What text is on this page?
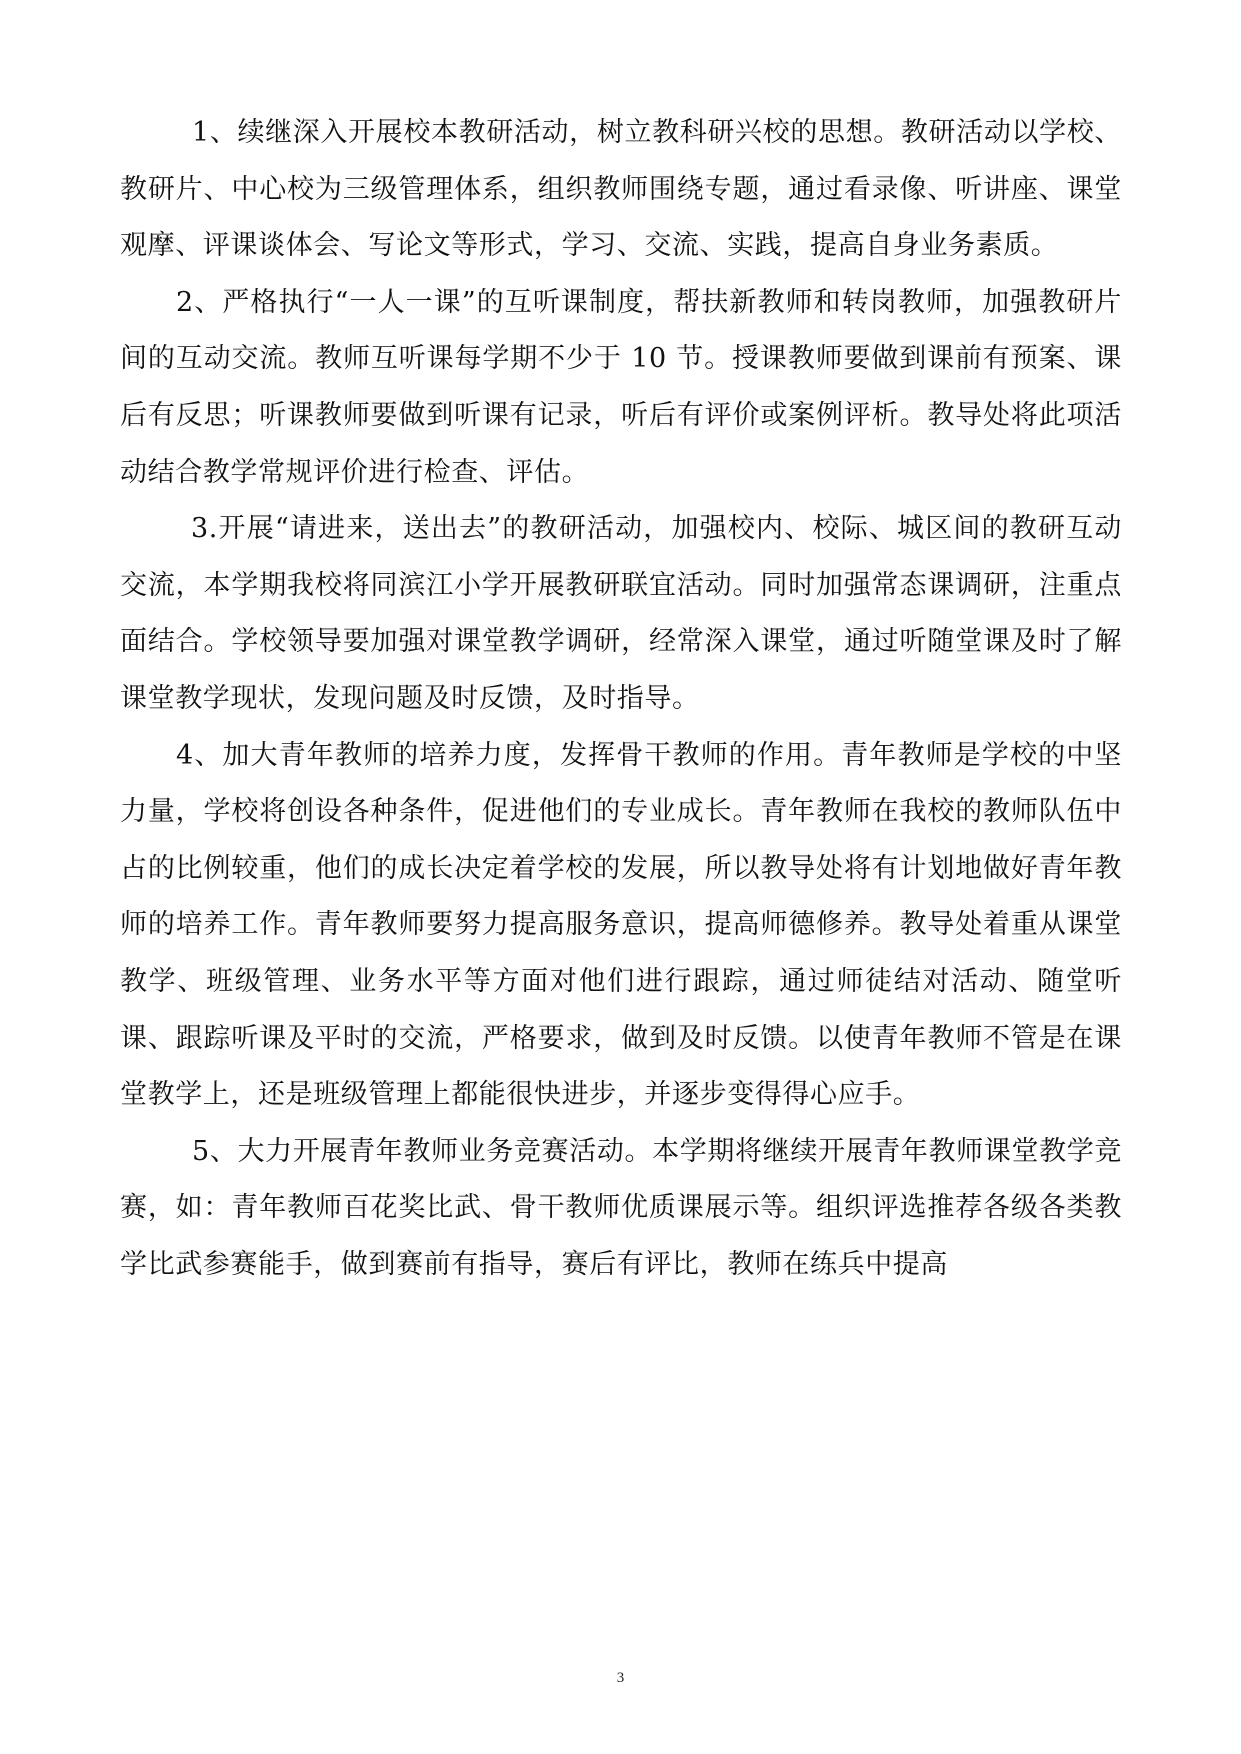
1、续继深入开展校本教研活动，树立教科研兴校的思想。教研活动以学校、教研片、中心校为三级管理体系，组织教师围绕专题，通过看录像、听讲座、课堂观摩、评课谈体会、写论文等形式，学习、交流、实践，提高自身业务素质。

2、严格执行“一人一课”的互听课制度，帮扶新教师和转岗教师，加强教研片间的互动交流。教师互听课每学期不少于 10 节。授课教师要做到课前有预案、课后有反思；听课教师要做到听课有记录，听后有评价或案例评析。教导处将此项活动结合教学常规评价进行检查、评估。

3.开展“请进来，送出去”的教研活动，加强校内、校际、城区间的教研互动交流，本学期我校将同滨江小学开展教研联宜活动。同时加强常态课调研，注重点面结合。学校领导要加强对课堂教学调研，经常深入课堂，通过听随堂课及时了解课堂教学现状，发现问题及时反馈，及时指导。

4、加大青年教师的培养力度，发挥骨干教师的作用。青年教师是学校的中坚力量，学校将创设各种条件，促进他们的专业成长。青年教师在我校的教师队伍中占的比例较重，他们的成长决定着学校的发展，所以教导处将有计划地做好青年教师的培养工作。青年教师要努力提高服务意识，提高师德修养。教导处着重从课堂教学、班级管理、业务水平等方面对他们进行跟踪，通过师徒结对活动、随堂听课、跟踪听课及平时的交流，严格要求，做到及时反馈。以使青年教师不管是在课堂教学上，还是班级管理上都能很快进步，并逐步变得得心应手。

5、大力开展青年教师业务竞赛活动。本学期将继续开展青年教师课堂教学竞赛，如：青年教师百花奖比武、骨干教师优质课展示等。组织评选推荐各级各类教学比武参赛能手，做到赛前有指导，赛后有评比，教师在练兵中提高

3
